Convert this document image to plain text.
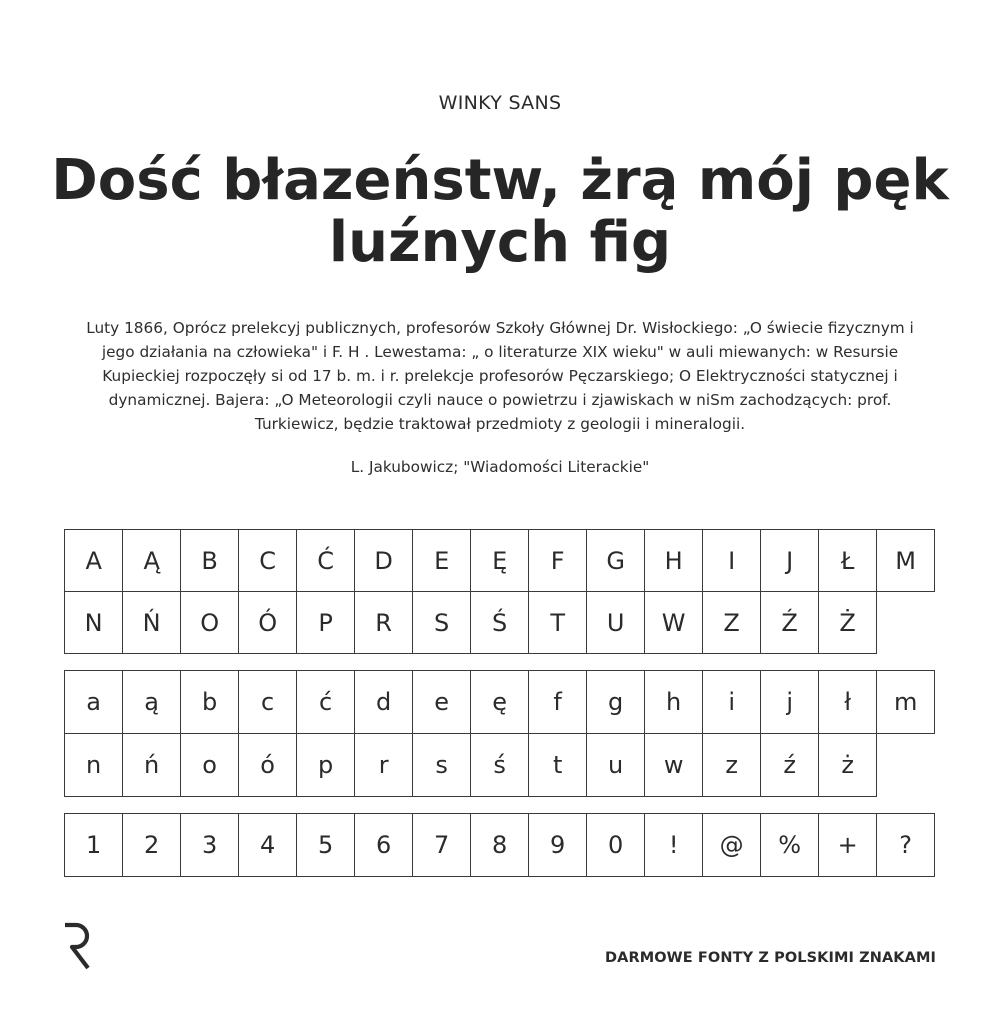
WINKY SANS
Dość błazeństw, żrą mój pęk luźnych fig
Luty 1866, Oprócz prelekcyj publicznych, profesorów Szkoły Głównej Dr. Wisłockiego: „O świecie fizycznym i jego działania na człowieka" i F. H . Lewestama: „ o literaturze XIX wieku" w auli miewanych: w Resursie Kupieckiej rozpoczęły si od 17 b. m. i r. prelekcje profesorów Pęczarskiego; O Elektryczności statycznej i dynamicznej. Bajera: „O Meteorologii czyli nauce o powietrzu i zjawiskach w niSm zachodzących: prof. Turkiewicz, będzie traktował przedmioty z geologii i mineralogii.
L. Jakubowicz; "Wiadomości Literackie"
A	Ą	B	C	Ć	D	E	Ę	F	G	H	I	J	Ł	M
N	Ń	O	Ó	P	R	S	Ś	T	U	W	Z	Ź	Ż
a	ą	b	c	ć	d	e	ę	f	g	h	i	j	ł	m
n	ń	o	ó	p	r	s	ś	t	u	w	z	ź	ż
1	2	3	4	5	6	7	8	9	0	!	@	%	+	?
DARMOWE FONTY Z POLSKIMI ZNAKAMI
